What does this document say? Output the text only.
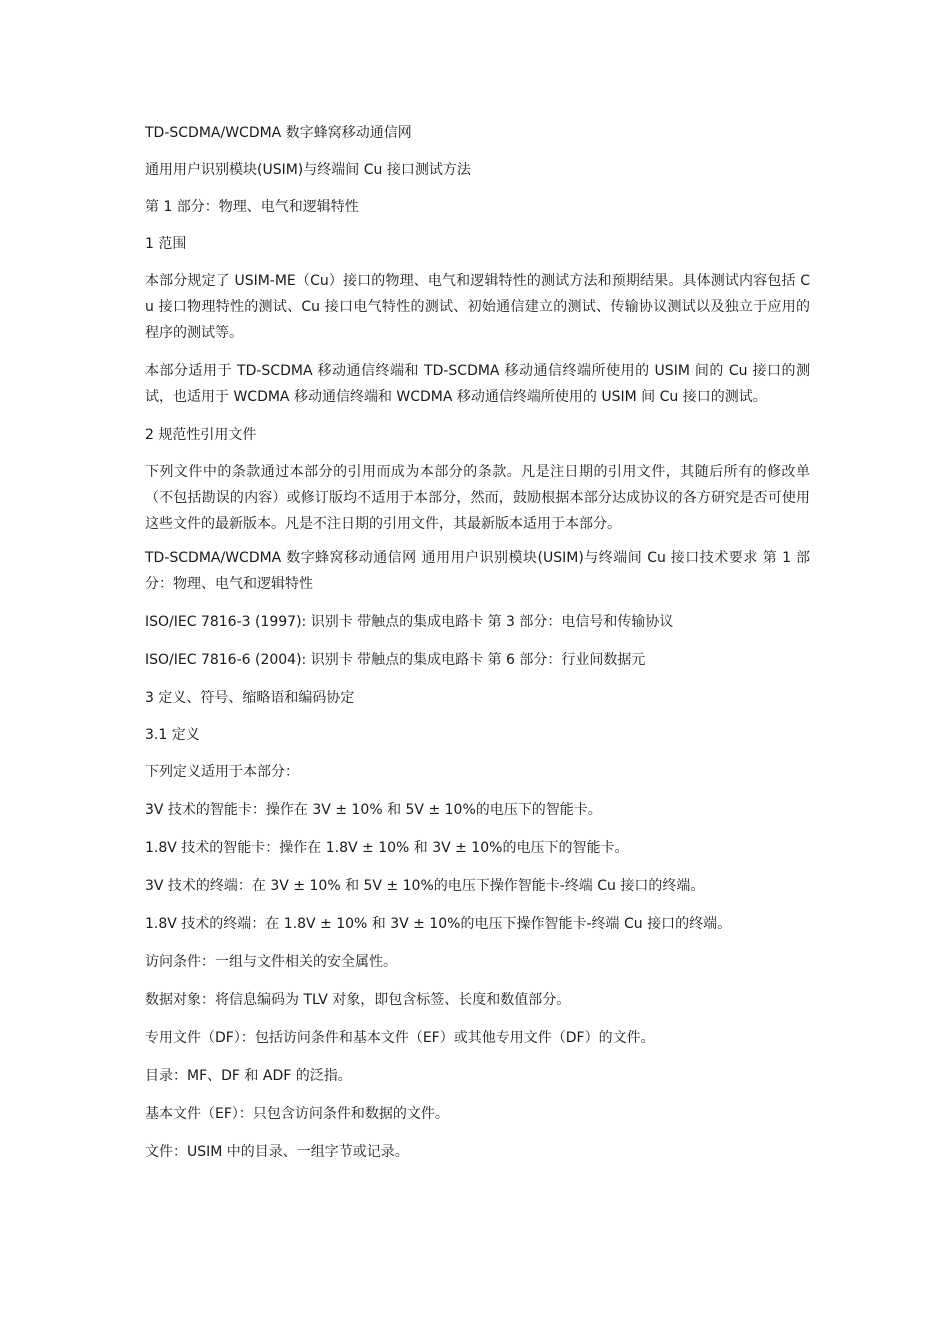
TD-SCDMA/WCDMA 数字蜂窝移动通信网

通用用户识别模块(USIM)与终端间 Cu 接口测试方法

第 1 部分：物理、电气和逻辑特性

1 范围

本部分规定了 USIM-ME（Cu）接口的物理、电气和逻辑特性的测试方法和预期结果。具体测试内容包括 Cu 接口物理特性的测试、Cu 接口电气特性的测试、初始通信建立的测试、传输协议测试以及独立于应用的程序的测试等。

本部分适用于 TD-SCDMA 移动通信终端和 TD-SCDMA 移动通信终端所使用的 USIM 间的 Cu 接口的测试，也适用于 WCDMA 移动通信终端和 WCDMA 移动通信终端所使用的 USIM 间 Cu 接口的测试。

2 规范性引用文件

下列文件中的条款通过本部分的引用而成为本部分的条款。凡是注日期的引用文件，其随后所有的修改单（不包括勘误的内容）或修订版均不适用于本部分，然而，鼓励根据本部分达成协议的各方研究是否可使用这些文件的最新版本。凡是不注日期的引用文件，其最新版本适用于本部分。

TD-SCDMA/WCDMA 数字蜂窝移动通信网 通用用户识别模块(USIM)与终端间 Cu 接口技术要求 第 1 部分：物理、电气和逻辑特性

ISO/IEC 7816-3 (1997): 识别卡 带触点的集成电路卡 第 3 部分：电信号和传输协议

ISO/IEC 7816-6 (2004): 识别卡 带触点的集成电路卡 第 6 部分：行业间数据元

3 定义、符号、缩略语和编码协定

3.1 定义

下列定义适用于本部分：

3V 技术的智能卡：操作在 3V ± 10% 和 5V ± 10%的电压下的智能卡。

1.8V 技术的智能卡：操作在 1.8V ± 10% 和 3V ± 10%的电压下的智能卡。

3V 技术的终端：在 3V ± 10% 和 5V ± 10%的电压下操作智能卡-终端 Cu 接口的终端。

1.8V 技术的终端：在 1.8V ± 10% 和 3V ± 10%的电压下操作智能卡-终端 Cu 接口的终端。

访问条件：一组与文件相关的安全属性。

数据对象：将信息编码为 TLV 对象，即包含标签、长度和数值部分。

专用文件（DF）：包括访问条件和基本文件（EF）或其他专用文件（DF）的文件。

目录：MF、DF 和 ADF 的泛指。

基本文件（EF）：只包含访问条件和数据的文件。

文件：USIM 中的目录、一组字节或记录。
